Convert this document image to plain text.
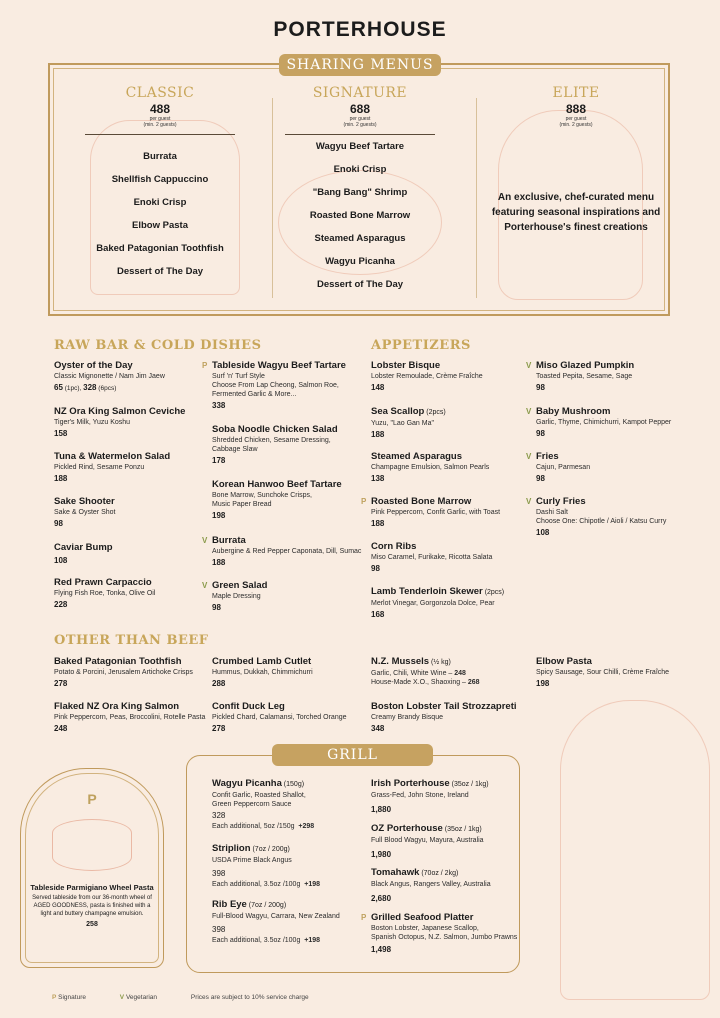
PORTERHOUSE
SHARING MENUS
CLASSIC
488
per guest
(min. 2 guests)
Burrata
Shellfish Cappuccino
Enoki Crisp
Elbow Pasta
Baked Patagonian Toothfish
Dessert of The Day
SIGNATURE
688
per guest
(min. 2 guests)
Wagyu Beef Tartare
Enoki Crisp
"Bang Bang" Shrimp
Roasted Bone Marrow
Steamed Asparagus
Wagyu Picanha
Dessert of The Day
ELITE
888
per guest
(min. 2 guests)
An exclusive, chef-curated menu
featuring seasonal inspirations and
Porterhouse's finest creations
RAW BAR & COLD DISHES	APPETIZERS
Oyster of the Day
Classic Mignonette / Nam Jim Jaew
65 (1pc), 328 (6pcs)
NZ Ora King Salmon Ceviche
Tiger's Milk, Yuzu Koshu
158
Tuna & Watermelon Salad
Pickled Rind, Sesame Ponzu
188
Sake Shooter
Sake & Oyster Shot
98
Caviar Bump
108
Red Prawn Carpaccio
Flying Fish Roe, Tonka, Olive Oil
228
P Tableside Wagyu Beef Tartare
Surf 'n' Turf Style
Choose From Lap Cheong, Salmon Roe,
Fermented Garlic & More...
338
Soba Noodle Chicken Salad
Shredded Chicken, Sesame Dressing,
Cabbage Slaw
178
Korean Hanwoo Beef Tartare
Bone Marrow, Sunchoke Crisps,
Music Paper Bread
198
V Burrata
Aubergine & Red Pepper Caponata, Dill, Sumac
188
V Green Salad
Maple Dressing
98
Lobster Bisque
Lobster Remoulade, Crème Fraîche
148
Sea Scallop (2pcs)
Yuzu, "Lao Gan Ma"
188
Steamed Asparagus
Champagne Emulsion, Salmon Pearls
138
P Roasted Bone Marrow
Pink Peppercorn, Confit Garlic, with Toast
188
Corn Ribs
Miso Caramel, Furikake, Ricotta Salata
98
Lamb Tenderloin Skewer (2pcs)
Merlot Vinegar, Gorgonzola Dolce, Pear
168
V Miso Glazed Pumpkin
Toasted Pepita, Sesame, Sage
98
V Baby Mushroom
Garlic, Thyme, Chimichurri, Kampot Pepper
98
V Fries
Cajun, Parmesan
98
V Curly Fries
Dashi Salt
Choose One: Chipotle / Aioli / Katsu Curry
108
OTHER THAN BEEF
Baked Patagonian Toothfish
Potato & Porcini, Jerusalem Artichoke Crisps
278
Flaked NZ Ora King Salmon
Pink Peppercorn, Peas, Broccolini, Rotelle Pasta
248
Crumbed Lamb Cutlet
Hummus, Dukkah, Chimmichurri
288
Confit Duck Leg
Pickled Chard, Calamansi, Torched Orange
278
N.Z. Mussels (½ kg)
Garlic, Chili, White Wine – 248
House-Made X.O., Shaoxing – 268
Boston Lobster Tail Strozzapreti
Creamy Brandy Bisque
348
Elbow Pasta
Spicy Sausage, Sour Chilli, Crème Fraîche
198
P
Tableside Parmigiano Wheel Pasta
Served tableside from our 36-month wheel of
AGED GOODNESS, pasta is finished with a
light and buttery champagne emulsion.
258
GRILL
Wagyu Picanha (150g)
Confit Garlic, Roasted Shallot,
Green Peppercorn Sauce
328
Each additional, 5oz /150g  +298
Striplion (7oz / 200g)
USDA Prime Black Angus
398
Each additional, 3.5oz /100g  +198
Rib Eye (7oz / 200g)
Full-Blood Wagyu, Carrara, New Zealand
398
Each additional, 3.5oz /100g  +198
Irish Porterhouse (35oz / 1kg)
Grass-Fed, John Stone, Ireland
1,880
OZ Porterhouse (35oz / 1kg)
Full Blood Wagyu, Mayura, Australia
1,980
Tomahawk (70oz / 2kg)
Black Angus, Rangers Valley, Australia
2,680
P Grilled Seafood Platter
Boston Lobster, Japanese Scallop,
Spanish Octopus, N.Z. Salmon, Jumbo Prawns
1,498
P Signature	V Vegetarian	Prices are subject to 10% service charge
